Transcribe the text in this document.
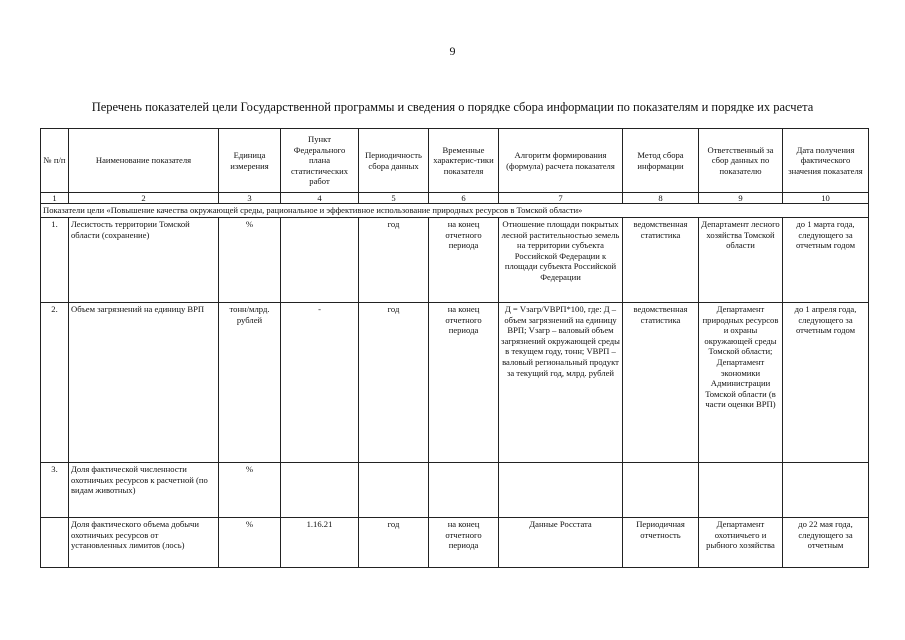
9
Перечень показателей цели Государственной программы и сведения о порядке сбора информации по показателям и порядке их расчета
№ п/п	Наименование показателя	Единица измерения	Пункт Федерального плана статистических работ	Периодичность сбора данных	Временные характерис-тики показателя	Алгоритм формирования (формула) расчета показателя	Метод сбора информации	Ответственный за сбор данных по показателю	Дата получения фактического значения показателя
1	2	3	4	5	6	7	8	9	10
Показатели цели «Повышение качества окружающей среды, рациональное и эффективное использование природных ресурсов в Томской области»									
1.	Лесистость территории Томской области (сохранение)	%		год	на конец отчетного периода	Отношение площади покрытых лесной растительностью земель на территории субъекта Российской Федерации к площади субъекта Российской Федерации	ведомственная статистика	Департамент лесного хозяйства Томской области	до 1 марта года, следующего за отчетным годом
2.	Объем загрязнений на единицу ВРП	тонн/млрд. рублей	-	год	на конец отчетного периода	Д = Vзагр/VВРП*100, где: Д – объем загрязнений на единицу ВРП; Vзагр – валовый объем загрязнений окружающей среды в текущем году, тонн; VВРП – валовый региональный продукт за текущий год, млрд. рублей	ведомственная статистика	Департамент природных ресурсов и охраны окружающей среды Томской области; Департамент экономики Администрации Томской области (в части оценки ВРП)	до 1 апреля года, следующего за отчетным годом
3.	Доля фактической численности охотничьих ресурсов к расчетной (по видам животных)	%							
	Доля фактического объема добычи охотничьих ресурсов от установленных лимитов (лось)	%	1.16.21	год	на конец отчетного периода	Данные Росстата	Периодичная отчетность	Департамент охотничьего и рыбного хозяйства	до 22 мая года, следующего за отчетным
